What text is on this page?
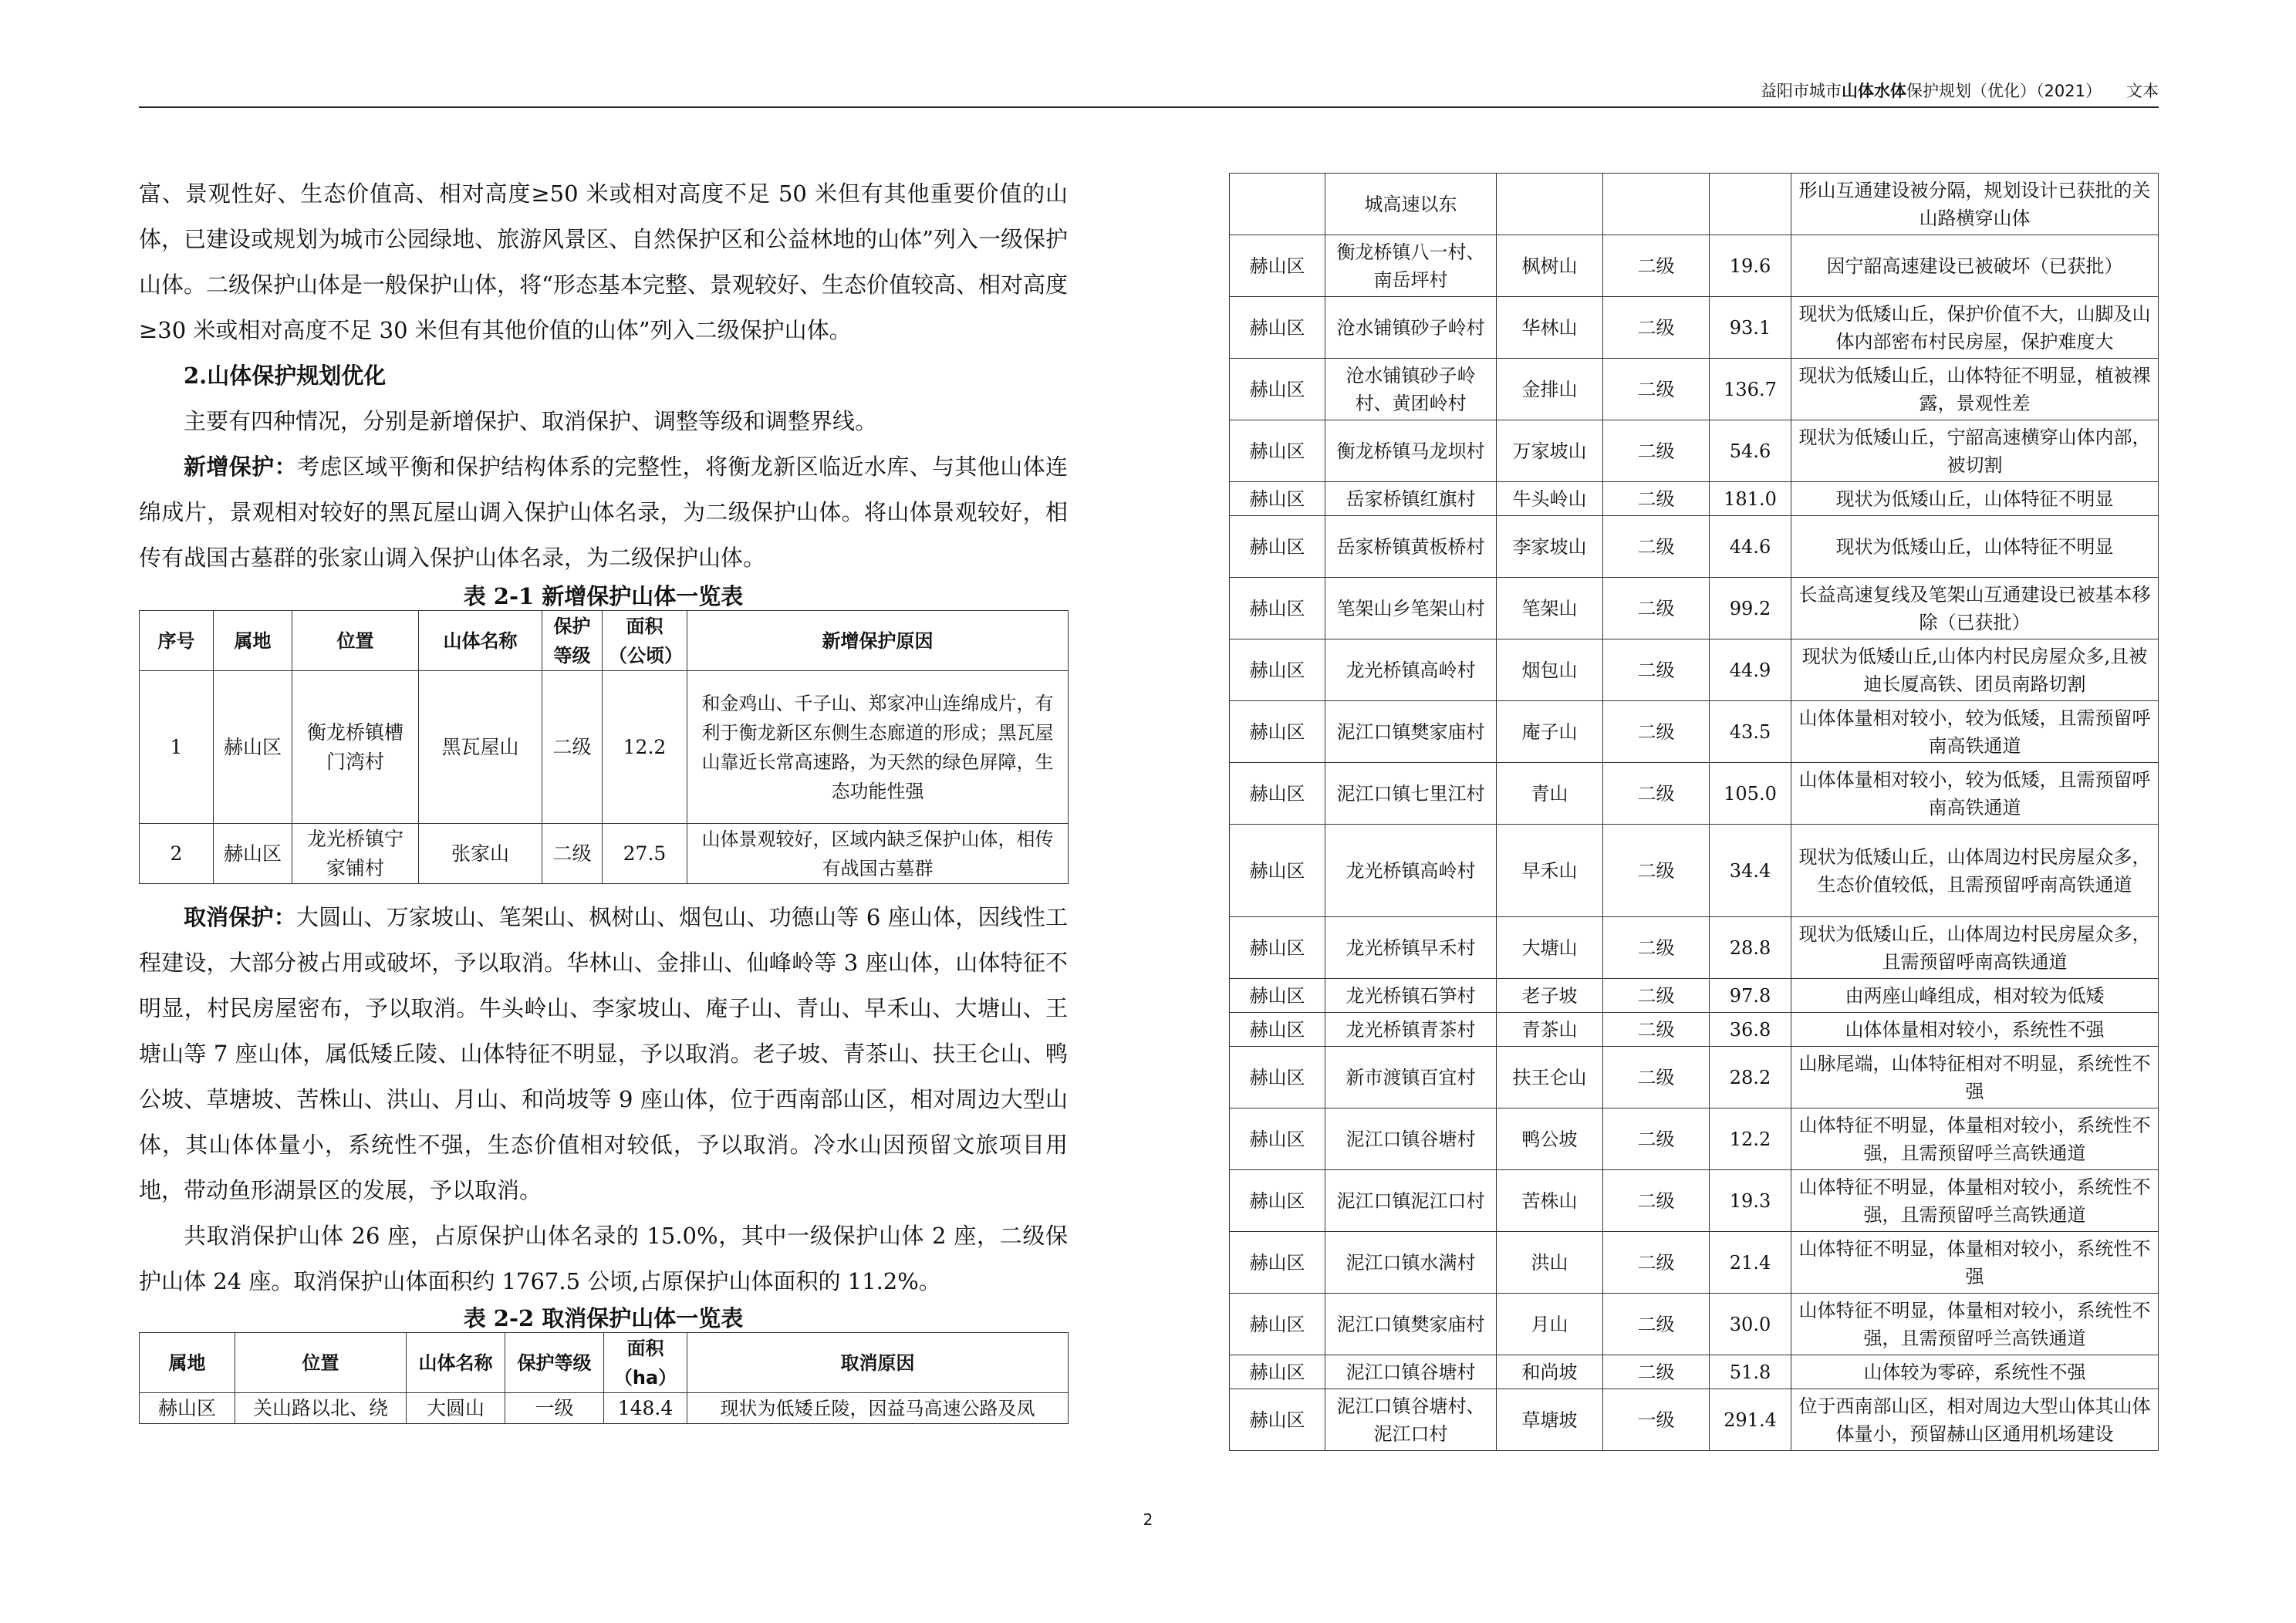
益阳市城市山体水体保护规划（优化）（2021） 文本

富、景观性好、生态价值高、相对高度≥50 米或相对高度不足 50 米但有其他重要价值的山体，已建设或规划为城市公园绿地、旅游风景区、自然保护区和公益林地的山体”列入一级保护山体。二级保护山体是一般保护山体，将“形态基本完整、景观较好、生态价值较高、相对高度≥30 米或相对高度不足 30 米但有其他价值的山体”列入二级保护山体。

2.山体保护规划优化

主要有四种情况，分别是新增保护、取消保护、调整等级和调整界线。

新增保护：考虑区域平衡和保护结构体系的完整性，将衡龙新区临近水库、与其他山体连绵成片，景观相对较好的黑瓦屋山调入保护山体名录，为二级保护山体。将山体景观较好，相传有战国古墓群的张家山调入保护山体名录，为二级保护山体。

表 2-1 新增保护山体一览表

序号	属地	位置	山体名称	保护等级	面积（公顷）	新增保护原因
1	赫山区	衡龙桥镇槽门湾村	黑瓦屋山	二级	12.2	和金鸡山、千子山、郑家冲山连绵成片，有利于衡龙新区东侧生态廊道的形成；黑瓦屋山靠近长常高速路，为天然的绿色屏障，生态功能性强
2	赫山区	龙光桥镇宁家铺村	张家山	二级	27.5	山体景观较好，区域内缺乏保护山体，相传有战国古墓群

取消保护：大圆山、万家坡山、笔架山、枫树山、烟包山、功德山等 6 座山体，因线性工程建设，大部分被占用或破坏，予以取消。华林山、金排山、仙峰岭等 3 座山体，山体特征不明显，村民房屋密布，予以取消。牛头岭山、李家坡山、庵子山、青山、早禾山、大塘山、王塘山等 7 座山体，属低矮丘陵、山体特征不明显，予以取消。老子坡、青茶山、扶王仑山、鸭公坡、草塘坡、苦株山、洪山、月山、和尚坡等 9 座山体，位于西南部山区，相对周边大型山体，其山体体量小，系统性不强，生态价值相对较低，予以取消。冷水山因预留文旅项目用地，带动鱼形湖景区的发展，予以取消。

共取消保护山体 26 座，占原保护山体名录的 15.0%，其中一级保护山体 2 座，二级保护山体 24 座。取消保护山体面积约 1767.5 公顷,占原保护山体面积的 11.2%。

表 2-2 取消保护山体一览表

属地	位置	山体名称	保护等级	面积（ha）	取消原因
赫山区	关山路以北、绕	大圆山	一级	148.4	现状为低矮丘陵，因益马高速公路及凤
	城高速以东				形山互通建设被分隔，规划设计已获批的关山路横穿山体
赫山区	衡龙桥镇八一村、南岳坪村	枫树山	二级	19.6	因宁韶高速建设已被破坏（已获批）
赫山区	沧水铺镇砂子岭村	华林山	二级	93.1	现状为低矮山丘，保护价值不大，山脚及山体内部密布村民房屋，保护难度大
赫山区	沧水铺镇砂子岭村、黄团岭村	金排山	二级	136.7	现状为低矮山丘，山体特征不明显，植被裸露，景观性差
赫山区	衡龙桥镇马龙坝村	万家坡山	二级	54.6	现状为低矮山丘，宁韶高速横穿山体内部，被切割
赫山区	岳家桥镇红旗村	牛头岭山	二级	181.0	现状为低矮山丘，山体特征不明显
赫山区	岳家桥镇黄板桥村	李家坡山	二级	44.6	现状为低矮山丘，山体特征不明显
赫山区	笔架山乡笔架山村	笔架山	二级	99.2	长益高速复线及笔架山互通建设已被基本移除（已获批）
赫山区	龙光桥镇高岭村	烟包山	二级	44.9	现状为低矮山丘,山体内村民房屋众多,且被迪长厦高铁、团员南路切割
赫山区	泥江口镇樊家庙村	庵子山	二级	43.5	山体体量相对较小，较为低矮，且需预留呼南高铁通道
赫山区	泥江口镇七里江村	青山	二级	105.0	山体体量相对较小，较为低矮，且需预留呼南高铁通道
赫山区	龙光桥镇高岭村	早禾山	二级	34.4	现状为低矮山丘，山体周边村民房屋众多，生态价值较低，且需预留呼南高铁通道
赫山区	龙光桥镇早禾村	大塘山	二级	28.8	现状为低矮山丘，山体周边村民房屋众多，且需预留呼南高铁通道
赫山区	龙光桥镇石笋村	老子坡	二级	97.8	由两座山峰组成，相对较为低矮
赫山区	龙光桥镇青茶村	青茶山	二级	36.8	山体体量相对较小，系统性不强
赫山区	新市渡镇百宜村	扶王仑山	二级	28.2	山脉尾端，山体特征相对不明显，系统性不强
赫山区	泥江口镇谷塘村	鸭公坡	二级	12.2	山体特征不明显，体量相对较小，系统性不强，且需预留呼兰高铁通道
赫山区	泥江口镇泥江口村	苦株山	二级	19.3	山体特征不明显，体量相对较小，系统性不强，且需预留呼兰高铁通道
赫山区	泥江口镇水满村	洪山	二级	21.4	山体特征不明显，体量相对较小，系统性不强
赫山区	泥江口镇樊家庙村	月山	二级	30.0	山体特征不明显，体量相对较小，系统性不强，且需预留呼兰高铁通道
赫山区	泥江口镇谷塘村	和尚坡	二级	51.8	山体较为零碎，系统性不强
赫山区	泥江口镇谷塘村、泥江口村	草塘坡	一级	291.4	位于西南部山区，相对周边大型山体其山体体量小，预留赫山区通用机场建设
2
